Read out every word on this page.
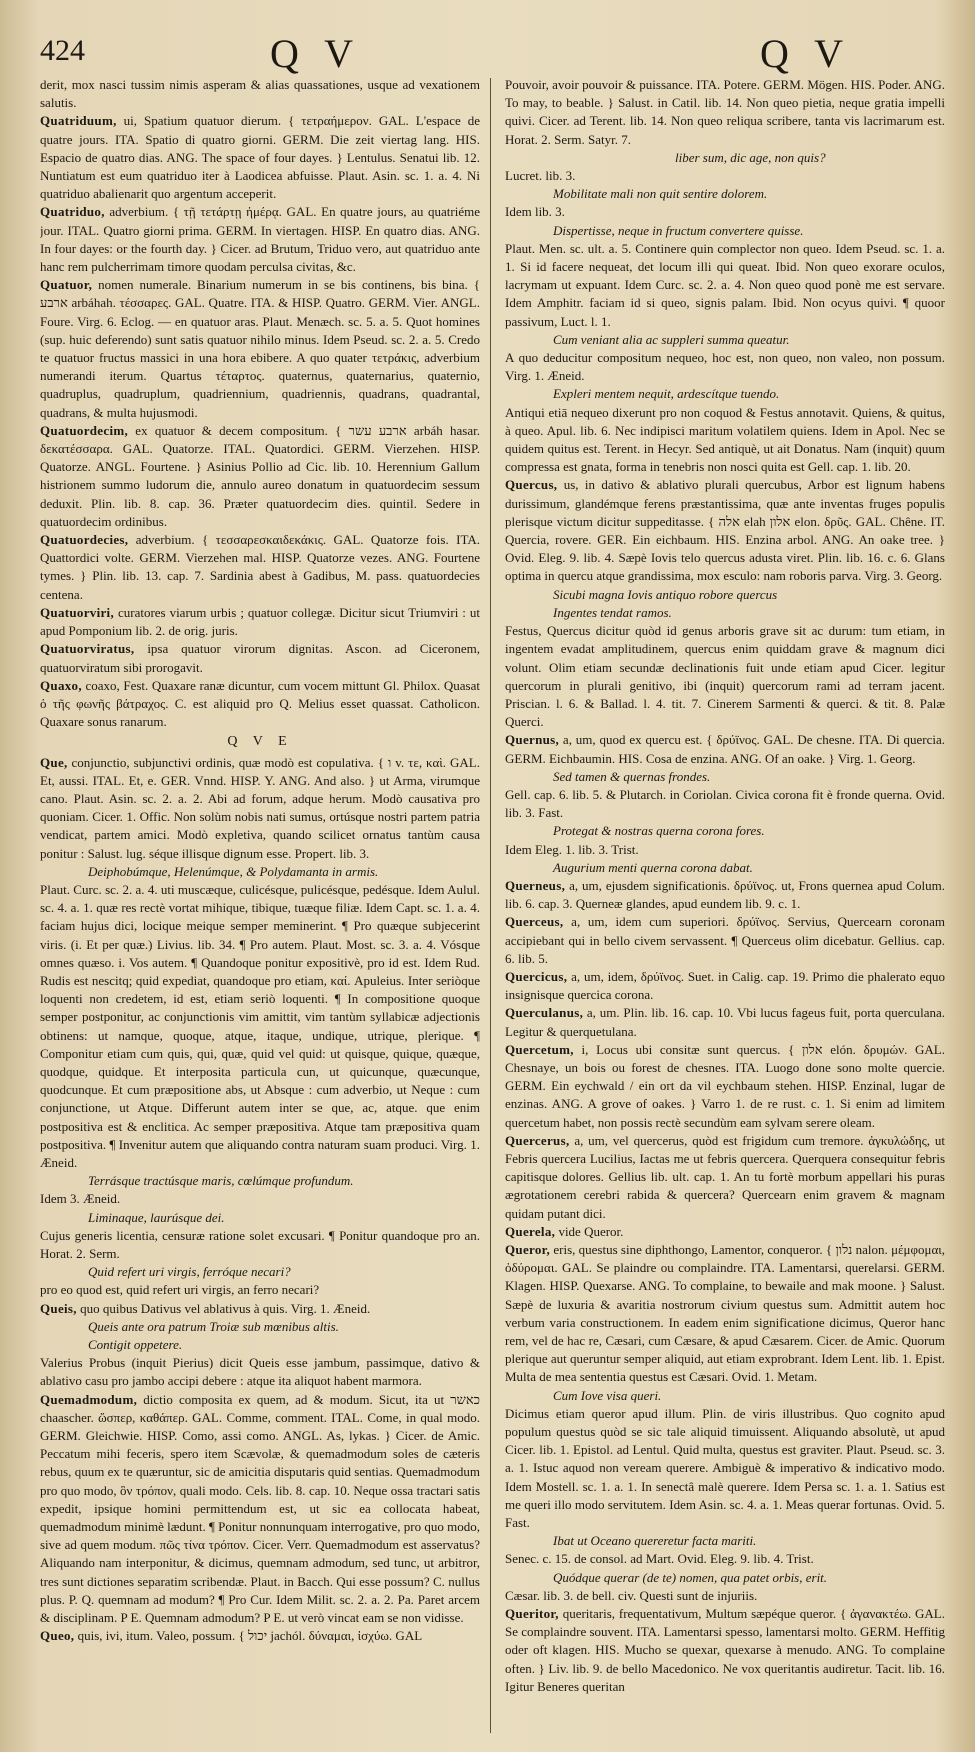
424	Q V	Q V

derit, mox nasci tussim nimis asperam & alias quassationes, usque ad vexationem salutis.

Quatriduum, ui, Spatium quatuor dierum. { τετραήμερον. GAL. L'espace de quatre jours. ITA. Spatio di quatro giorni. GERM. Die zeit viertag lang. HIS. Espacio de quatro dias. ANG. The space of four dayes. } Lentulus. Senatui lib. 12. Nuntiatum est eum quatriduo iter à Laodicea abfuisse. Plaut. Asin. sc. 1. a. 4. Ni quatriduo abalienarit quo argentum acceperit.

Quatriduo, adverbium. { τῇ τετάρτῃ ἡμέρᾳ. GAL. En quatre jours, au quatriéme jour. ITAL. Quatro giorni prima. GERM. In viertagen. HISP. En quatro dias. ANG. In four dayes: or the fourth day. } Cicer. ad Brutum, Triduo vero, aut quatriduo ante hanc rem pulcherrimam timore quodam perculsa civitas, &c.

Quatuor, nomen numerale. Binarium numerum in se bis continens, bis bina. { ארבע arbáhah. τέσσαρες. GAL. Quatre. ITA. & HISP. Quatro. GERM. Vier. ANGL. Foure. Virg. 6. Eclog. — en quatuor aras. Plaut. Menæch. sc. 5. a. 5. Quot homines (sup. huic deferendo) sunt satis quatuor nihilo minus. Idem Pseud. sc. 2. a. 5. Credo te quatuor fructus massici in una hora ebibere. A quo quater τετράκις, adverbium numerandi iterum. Quartus τέταρτος. quaternus, quaternarius, quaternio, quadruplus, quadruplum, quadriennium, quadriennis, quadrans, quadrantal, quadrans, & multa hujusmodi.

Quatuordecim, ex quatuor & decem compositum. { ארבע עשר arbáh hasar. δεκατέσσαρα. GAL. Quatorze. ITAL. Quatordici. GERM. Vierzehen. HISP. Quatorze. ANGL. Fourtene. } Asinius Pollio ad Cic. lib. 10. Herennium Gallum histrionem summo ludorum die, annulo aureo donatum in quatuordecim sessum deduxit. Plin. lib. 8. cap. 36. Præter quatuordecim dies. quintil. Sedere in quatuordecim ordinibus.

Quatuordecies, adverbium. { τεσσαρεσκαιδεκάκις. GAL. Quatorze fois. ITA. Quattordici volte. GERM. Vierzehen mal. HISP. Quatorze vezes. ANG. Fourtene tymes. } Plin. lib. 13. cap. 7. Sardinia abest à Gadibus, M. pass. quatuordecies centena.

Quatuorviri, curatores viarum urbis ; quatuor collegæ. Dicitur sicut Triumviri : ut apud Pomponium lib. 2. de orig. juris.

Quatuorviratus, ipsa quatuor virorum dignitas. Ascon. ad Ciceronem, quatuorviratum sibi prorogavit.

Quaxo, coaxo, Fest. Quaxare ranæ dicuntur, cum vocem mittunt Gl. Philox. Quasat ὁ τῆς φωνῆς βάτραχος. C. est aliquid pro Q. Melius esset quassat. Catholicon. Quaxare sonus ranarum.

Q V E

Que, conjunctio, subjunctivi ordinis, quæ modò est copulativa. { ו v. τε, καὶ. GAL. Et, aussi. ITAL. Et, e. GER. Vnnd. HISP. Y. ANG. And also. } ut Arma, virumque cano. Plaut. Asin. sc. 2. a. 2. Abi ad forum, adque herum. Modò causativa pro quoniam. Cicer. 1. Offic. Non solùm nobis nati sumus, ortúsque nostri partem patria vendicat, partem amici. Modò expletiva, quando scilicet ornatus tantùm causa ponitur : Salust. lug. séque illisque dignum esse. Propert. lib. 3.

Deiphobúmque, Helenúmque, & Polydamanta in armis.

Plaut. Curc. sc. 2. a. 4. uti muscæque, culicésque, pulicésque, pedésque. Idem Aulul. sc. 4. a. 1. quæ res rectè vortat mihique, tibique, tuæque filiæ. Idem Capt. sc. 1. a. 4. faciam hujus dici, locique meique semper meminerint. ¶ Pro quæque subjecerint viris. (i. Et per quæ.) Livius. lib. 34. ¶ Pro autem. Plaut. Most. sc. 3. a. 4. Vósque omnes quæso. i. Vos autem. ¶ Quandoque ponitur expositivè, pro id est. Idem Rud. Rudis est nescitq; quid expediat, quandoque pro etiam, καί. Apuleius. Inter seriòque loquenti non credetem, id est, etiam seriò loquenti. ¶ In compositione quoque semper postponitur, ac conjunctionis vim amittit, vim tantùm syllabicæ adjectionis obtinens: ut namque, quoque, atque, itaque, undique, utrique, plerique. ¶ Componitur etiam cum quis, qui, quæ, quid vel quid: ut quisque, quique, quæque, quodque, quidque. Et interposita particula cun, ut quicunque, quæcunque, quodcunque. Et cum præpositione abs, ut Absque : cum adverbio, ut Neque : cum conjunctione, ut Atque. Differunt autem inter se que, ac, atque. que enim postpositiva est & enclitica. Ac semper præpositiva. Atque tam præpositiva quam postpositiva. ¶ Invenitur autem que aliquando contra naturam suam produci. Virg. 1. Æneid.

Terrásque tractúsque maris, cœlúmque profundum.

Idem 3. Æneid.

Liminaque, laurúsque dei.

Cujus generis licentia, censuræ ratione solet excusari. ¶ Ponitur quandoque pro an. Horat. 2. Serm.

Quid refert uri virgis, ferróque necari?

pro eo quod est, quid refert uri virgis, an ferro necari?

Queis, quo quibus Dativus vel ablativus à quis. Virg. 1. Æneid.

Queis ante ora patrum Troiæ sub mœnibus altis.

Contigit oppetere.

Valerius Probus (inquit Pierius) dicit Queis esse jambum, passimque, dativo & ablativo casu pro jambo accipi debere : atque ita aliquot habent marmora.

Quemadmodum, dictio composita ex quem, ad & modum. Sicut, ita ut כאשר chaascher. ὥσπερ, καθάπερ. GAL. Comme, comment. ITAL. Come, in qual modo. GERM. Gleichwie. HISP. Como, assi como. ANGL. As, lykas. } Cicer. de Amic. Peccatum mihi feceris, spero item Scævolæ, & quemadmodum soles de cæteris rebus, quum ex te quæruntur, sic de amicitia disputaris quid sentias. Quemadmodum pro quo modo, ὃν τρόπον, quali modo. Cels. lib. 8. cap. 10. Neque ossa tractari satis expedit, ipsique homini permittendum est, ut sic ea collocata habeat, quemadmodum minimè lædunt. ¶ Ponitur nonnunquam interrogative, pro quo modo, sive ad quem modum. πῶς τίνα τρόπον. Cicer. Verr. Quemadmodum est asservatus? Aliquando nam interponitur, & dicimus, quemnam admodum, sed tunc, ut arbitror, tres sunt dictiones separatim scribendæ. Plaut. in Bacch. Qui esse possum? C. nullus plus. P. Q. quemnam ad modum? ¶ Pro Cur. Idem Milit. sc. 2. a. 2. Pa. Paret arcem & disciplinam. P E. Quemnam admodum? P E. ut verò vincat eam se non vidisse.

Queo, quis, ivi, itum. Valeo, possum. { יכול jachól. δύναμαι, ἰσχύω. GAL

Pouvoir, avoir pouvoir & puissance. ITA. Potere. GERM. Mögen. HIS. Poder. ANG. To may, to beable. } Salust. in Catil. lib. 14. Non queo pietia, neque gratia impelli quivi. Cicer. ad Terent. lib. 14. Non queo reliqua scribere, tanta vis lacrimarum est. Horat. 2. Serm. Satyr. 7.

liber sum, dic age, non quis?

Lucret. lib. 3.

Mobilitate mali non quit sentire dolorem.

Idem lib. 3.

Dispertisse, neque in fructum convertere quisse.

Plaut. Men. sc. ult. a. 5. Continere quin complector non queo. Idem Pseud. sc. 1. a. 1. Si id facere nequeat, det locum illi qui queat. Ibid. Non queo exorare oculos, lacrymam ut expuant. Idem Curc. sc. 2. a. 4. Non queo quod ponè me est servare. Idem Amphitr. faciam id si queo, signis palam. Ibid. Non ocyus quivi. ¶ quoor passivum, Luct. l. 1.

Cum veniant alia ac suppleri summa queatur.

A quo deducitur compositum nequeo, hoc est, non queo, non valeo, non possum. Virg. 1. Æneid.

Expleri mentem nequit, ardescítque tuendo.

Antiqui etiā nequeo dixerunt pro non coquod & Festus annotavit. Quiens, & quitus, à queo. Apul. lib. 6. Nec indipisci maritum volatilem quiens. Idem in Apol. Nec se quidem quitus est. Terent. in Hecyr. Sed antiquè, ut ait Donatus. Nam (inquit) quum compressa est gnata, forma in tenebris non nosci quita est Gell. cap. 1. lib. 20.

Quercus, us, in dativo & ablativo plurali quercubus, Arbor est lignum habens durissimum, glandémque ferens præstantissima, quæ ante inventas fruges populis plerisque victum dicitur suppeditasse. { אלה elah אלון elon. δρῦς. GAL. Chêne. IT. Quercia, rovere. GER. Ein eichbaum. HIS. Enzina arbol. ANG. An oake tree. } Ovid. Eleg. 9. lib. 4. Sæpè Iovis telo quercus adusta viret. Plin. lib. 16. c. 6. Glans optima in quercu atque grandissima, mox esculo: nam roboris parva. Virg. 3. Georg.

Sicubi magna Iovis antiquo robore quercus

Ingentes tendat ramos.

Festus, Quercus dicitur quòd id genus arboris grave sit ac durum: tum etiam, in ingentem evadat amplitudinem, quercus enim quiddam grave & magnum dici volunt. Olim etiam secundæ declinationis fuit unde etiam apud Cicer. legitur quercorum in plurali genitivo, ibi (inquit) quercorum rami ad terram jacent. Priscian. l. 6. & Ballad. l. 4. tit. 7. Cinerem Sarmenti & querci. & tit. 8. Palæ Querci.

Quernus, a, um, quod ex quercu est. { δρύϊνος. GAL. De chesne. ITA. Di quercia. GERM. Eichbaumin. HIS. Cosa de enzina. ANG. Of an oake. } Virg. 1. Georg.

Sed tamen & quernas frondes.

Gell. cap. 6. lib. 5. & Plutarch. in Coriolan. Civica corona fit è fronde querna. Ovid. lib. 3. Fast.

Protegat & nostras querna corona fores.

Idem Eleg. 1. lib. 3. Trist.

Augurium menti querna corona dabat.

Querneus, a, um, ejusdem significationis. δρύϊνος. ut, Frons quernea apud Colum. lib. 6. cap. 3. Querneæ glandes, apud eundem lib. 9. c. 1.

Querceus, a, um, idem cum superiori. δρύϊνος. Servius, Quercearn coronam accipiebant qui in bello civem servassent. ¶ Querceus olim dicebatur. Gellius. cap. 6. lib. 5.

Quercicus, a, um, idem, δρύϊνος. Suet. in Calig. cap. 19. Primo die phalerato equo insignisque quercica corona.

Querculanus, a, um. Plin. lib. 16. cap. 10. Vbi lucus fageus fuit, porta querculana. Legitur & querquetulana.

Quercetum, i, Locus ubi consitæ sunt quercus. { אלון elón. δρυμών. GAL. Chesnaye, un bois ou forest de chesnes. ITA. Luogo done sono molte quercie. GERM. Ein eychwald / ein ort da vil eychbaum stehen. HISP. Enzinal, lugar de enzinas. ANG. A grove of oakes. } Varro 1. de re rust. c. 1. Si enim ad limitem quercetum habet, non possis rectè secundùm eam sylvam serere oleam.

Quercerus, a, um, vel quercerus, quòd est frigidum cum tremore. ἀγκυλώδης, ut Febris quercera Lucilius, Iactas me ut febris quercera. Querquera consequitur febris capitisque dolores. Gellius lib. ult. cap. 1. An tu fortè morbum appellari his puras ægrotationem cerebri rabida & quercera? Quercearn enim gravem & magnam quidam putant dici.

Querela, vide Queror.

Queror, eris, questus sine diphthongo, Lamentor, conqueror. { נלון nalon. μέμφομαι, ὀδύρομαι. GAL. Se plaindre ou complaindre. ITA. Lamentarsi, querelarsi. GERM. Klagen. HISP. Quexarse. ANG. To complaine, to bewaile and mak moone. } Salust. Sæpè de luxuria & avaritia nostrorum civium questus sum. Admittit autem hoc verbum varia constructionem. In eadem enim significatione dicimus, Queror hanc rem, vel de hac re, Cæsari, cum Cæsare, & apud Cæsarem. Cicer. de Amic. Quorum plerique aut queruntur semper aliquid, aut etiam exprobrant. Idem Lent. lib. 1. Epist. Multa de mea sententia questus est Cæsari. Ovid. 1. Metam.

Cum Iove visa queri.

Dicimus etiam queror apud illum. Plin. de viris illustribus. Quo cognito apud populum questus quòd se sic tale aliquid timuissent. Aliquando absolutè, ut apud Cicer. lib. 1. Epistol. ad Lentul. Quid multa, questus est graviter. Plaut. Pseud. sc. 3. a. 1. Istuc aquod non veream querere. Ambiguè & imperativo & indicativo modo. Idem Mostell. sc. 1. a. 1. In senectâ malè querere. Idem Persa sc. 1. a. 1. Satius est me queri illo modo servitutem. Idem Asin. sc. 4. a. 1. Meas querar fortunas. Ovid. 5. Fast.

Ibat ut Oceano quereretur facta mariti.

Senec. c. 15. de consol. ad Mart. Ovid. Eleg. 9. lib. 4. Trist.

Quódque querar (de te) nomen, qua patet orbis, erit.

Cæsar. lib. 3. de bell. civ. Questi sunt de injuriis.

Queritor, queritaris, frequentativum, Multum sæpéque queror. { ἀγανακτέω. GAL. Se complaindre souvent. ITA. Lamentarsi spesso, lamentarsi molto. GERM. Heffitig oder oft klagen. HIS. Mucho se quexar, quexarse à menudo. ANG. To complaine often. } Liv. lib. 9. de bello Macedonico. Ne vox queritantis audiretur. Tacit. lib. 16. Igitur Beneres queritan
